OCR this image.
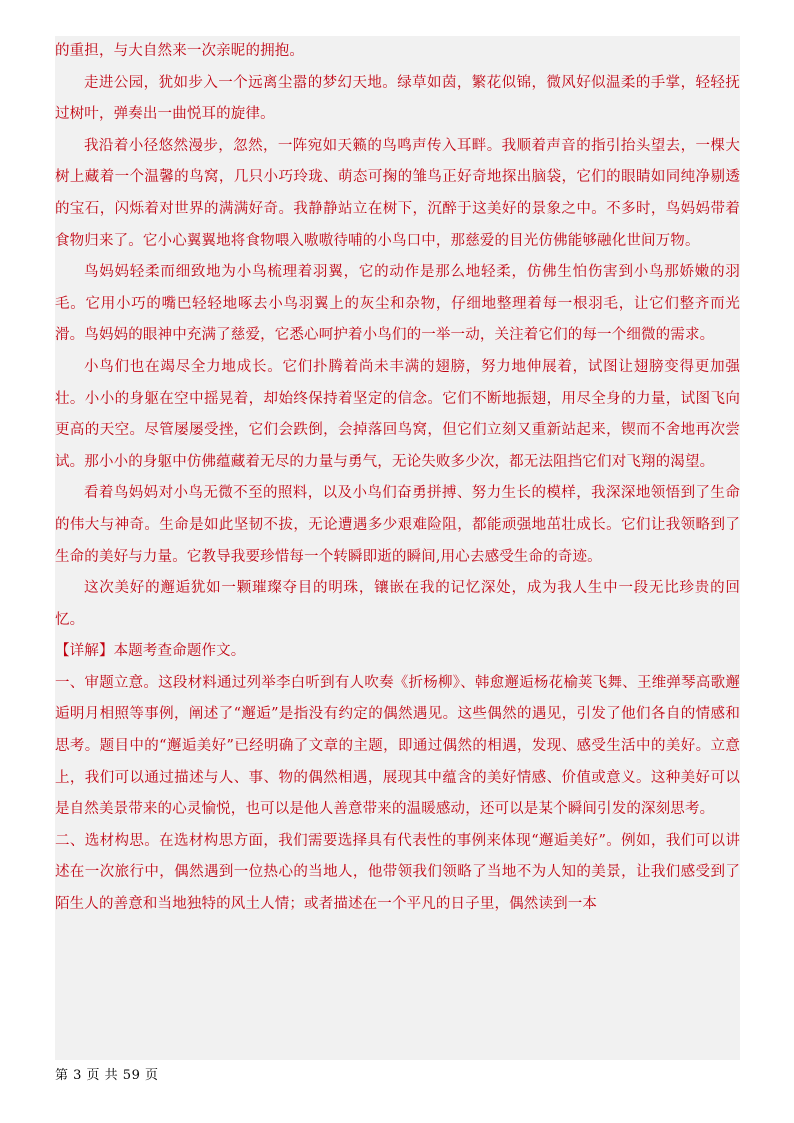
的重担，与大自然来一次亲昵的拥抱。

走进公园，犹如步入一个远离尘嚣的梦幻天地。绿草如茵，繁花似锦，微风好似温柔的手掌，轻轻抚过树叶，弹奏出一曲悦耳的旋律。

我沿着小径悠然漫步，忽然，一阵宛如天籁的鸟鸣声传入耳畔。我顺着声音的指引抬头望去，一棵大树上藏着一个温馨的鸟窝，几只小巧玲珑、萌态可掬的雏鸟正好奇地探出脑袋，它们的眼睛如同纯净剔透的宝石，闪烁着对世界的满满好奇。我静静站立在树下，沉醉于这美好的景象之中。不多时，鸟妈妈带着食物归来了。它小心翼翼地将食物喂入嗷嗷待哺的小鸟口中，那慈爱的目光仿佛能够融化世间万物。

鸟妈妈轻柔而细致地为小鸟梳理着羽翼，它的动作是那么地轻柔，仿佛生怕伤害到小鸟那娇嫩的羽毛。它用小巧的嘴巴轻轻地啄去小鸟羽翼上的灰尘和杂物，仔细地整理着每一根羽毛，让它们整齐而光滑。鸟妈妈的眼神中充满了慈爱，它悉心呵护着小鸟们的一举一动，关注着它们的每一个细微的需求。

小鸟们也在竭尽全力地成长。它们扑腾着尚未丰满的翅膀，努力地伸展着，试图让翅膀变得更加强壮。小小的身躯在空中摇晃着，却始终保持着坚定的信念。它们不断地振翅，用尽全身的力量，试图飞向更高的天空。尽管屡屡受挫，它们会跌倒，会掉落回鸟窝，但它们立刻又重新站起来，锲而不舍地再次尝试。那小小的身躯中仿佛蕴藏着无尽的力量与勇气，无论失败多少次，都无法阻挡它们对飞翔的渴望。

看着鸟妈妈对小鸟无微不至的照料，以及小鸟们奋勇拼搏、努力生长的模样，我深深地领悟到了生命的伟大与神奇。生命是如此坚韧不拔，无论遭遇多少艰难险阻，都能顽强地茁壮成长。它们让我领略到了生命的美好与力量。它教导我要珍惜每一个转瞬即逝的瞬间,用心去感受生命的奇迹。

这次美好的邂逅犹如一颗璀璨夺目的明珠，镶嵌在我的记忆深处，成为我人生中一段无比珍贵的回忆。

【详解】本题考查命题作文。

一、审题立意。这段材料通过列举李白听到有人吹奏《折杨柳》、韩愈邂逅杨花榆荚飞舞、王维弹琴高歌邂逅明月相照等事例，阐述了“邂逅”是指没有约定的偶然遇见。这些偶然的遇见，引发了他们各自的情感和思考。题目中的“邂逅美好”已经明确了文章的主题，即通过偶然的相遇，发现、感受生活中的美好。立意上，我们可以通过描述与人、事、物的偶然相遇，展现其中蕴含的美好情感、价值或意义。这种美好可以是自然美景带来的心灵愉悦，也可以是他人善意带来的温暖感动，还可以是某个瞬间引发的深刻思考。

二、选材构思。在选材构思方面，我们需要选择具有代表性的事例来体现“邂逅美好”。例如，我们可以讲述在一次旅行中，偶然遇到一位热心的当地人，他带领我们领略了当地不为人知的美景，让我们感受到了陌生人的善意和当地独特的风土人情；或者描述在一个平凡的日子里，偶然读到一本

第 3 页 共 59 页
